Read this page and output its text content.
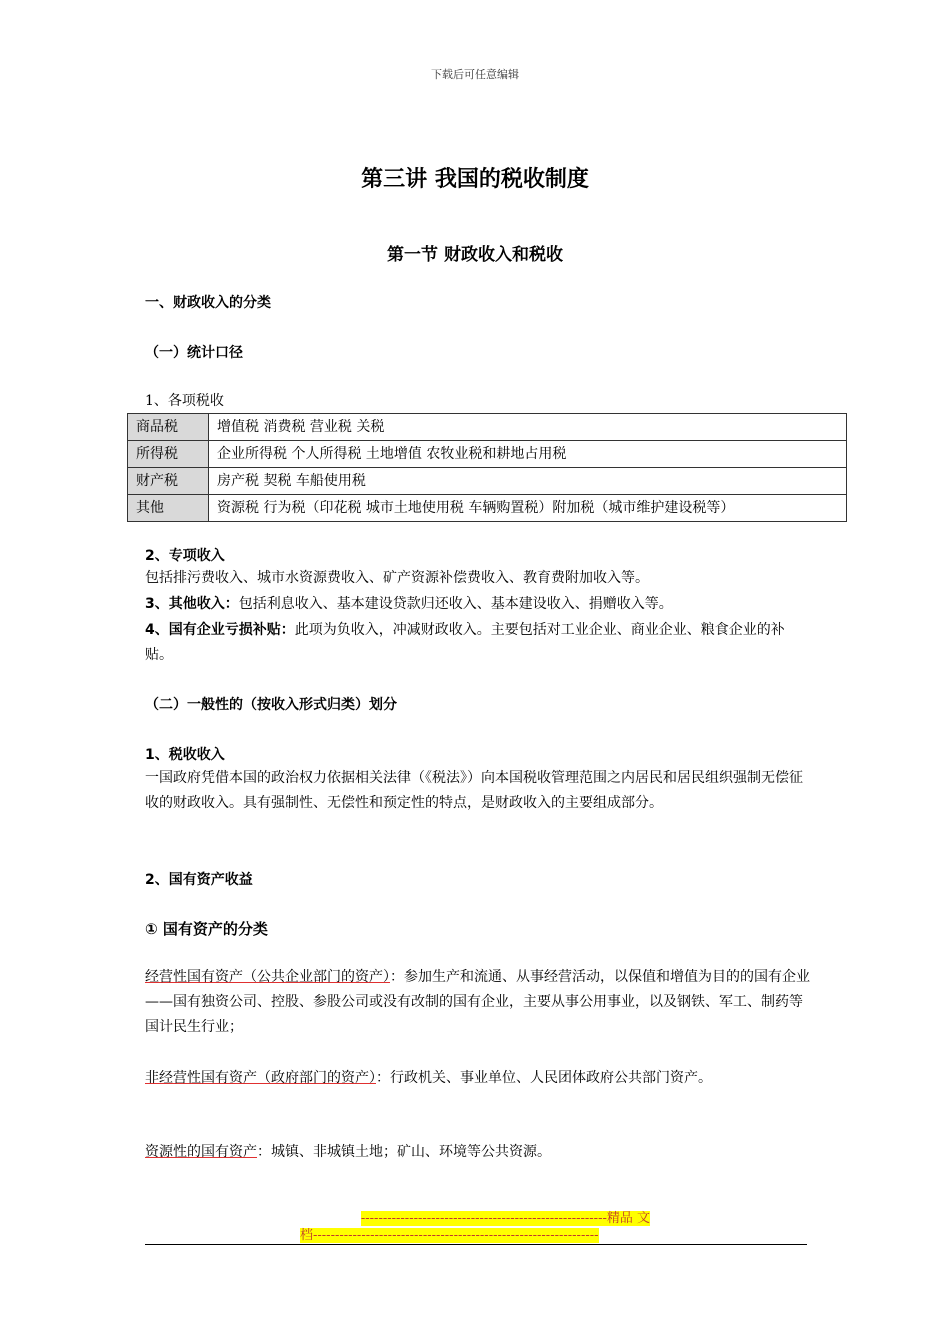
下载后可任意编辑
第三讲 我国的税收制度
第一节 财政收入和税收
一、财政收入的分类
（一）统计口径
1、各项税收
商品税	增值税 消费税 营业税 关税
所得税	企业所得税 个人所得税 土地增值 农牧业税和耕地占用税
财产税	房产税 契税 车船使用税
其他	资源税 行为税（印花税 城市土地使用税 车辆购置税）附加税（城市维护建设税等）
2、专项收入
包括排污费收入、城市水资源费收入、矿产资源补偿费收入、教育费附加收入等。
3、其他收入：包括利息收入、基本建设贷款归还收入、基本建设收入、捐赠收入等。
4、国有企业亏损补贴：此项为负收入，冲减财政收入。主要包括对工业企业、商业企业、粮食企业的补贴。
（二）一般性的（按收入形式归类）划分
1、税收收入
一国政府凭借本国的政治权力依据相关法律（《税法》）向本国税收管理范围之内居民和居民组织强制无偿征收的财政收入。具有强制性、无偿性和预定性的特点，是财政收入的主要组成部分。
2、国有资产收益
① 国有资产的分类
经营性国有资产（公共企业部门的资产）：参加生产和流通、从事经营活动，以保值和增值为目的的国有企业——国有独资公司、控股、参股公司或没有改制的国有企业，主要从事公用事业，以及钢铁、军工、制药等国计民生行业；
非经营性国有资产（政府部门的资产）：行政机关、事业单位、人民团体政府公共部门资产。
资源性的国有资产：城镇、非城镇土地；矿山、环境等公共资源。
--------------------------------------------------------精品 文
档-----------------------------------------------------------------
